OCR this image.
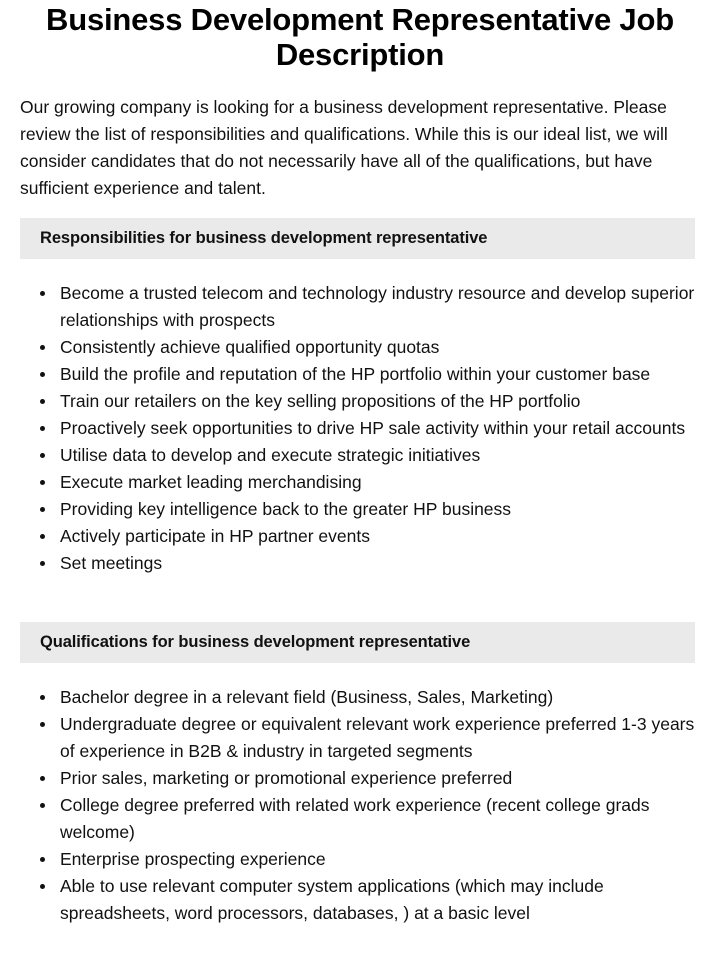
Business Development Representative Job Description

Our growing company is looking for a business development representative. Please review the list of responsibilities and qualifications. While this is our ideal list, we will consider candidates that do not necessarily have all of the qualifications, but have sufficient experience and talent.

Responsibilities for business development representative
Become a trusted telecom and technology industry resource and develop superior relationships with prospects
Consistently achieve qualified opportunity quotas
Build the profile and reputation of the HP portfolio within your customer base
Train our retailers on the key selling propositions of the HP portfolio
Proactively seek opportunities to drive HP sale activity within your retail accounts
Utilise data to develop and execute strategic initiatives
Execute market leading merchandising
Providing key intelligence back to the greater HP business
Actively participate in HP partner events
Set meetings
Qualifications for business development representative
Bachelor degree in a relevant field (Business, Sales, Marketing)
Undergraduate degree or equivalent relevant work experience preferred 1-3 years of experience in B2B & industry in targeted segments
Prior sales, marketing or promotional experience preferred
College degree preferred with related work experience (recent college grads welcome)
Enterprise prospecting experience
Able to use relevant computer system applications (which may include spreadsheets, word processors, databases, ) at a basic level
